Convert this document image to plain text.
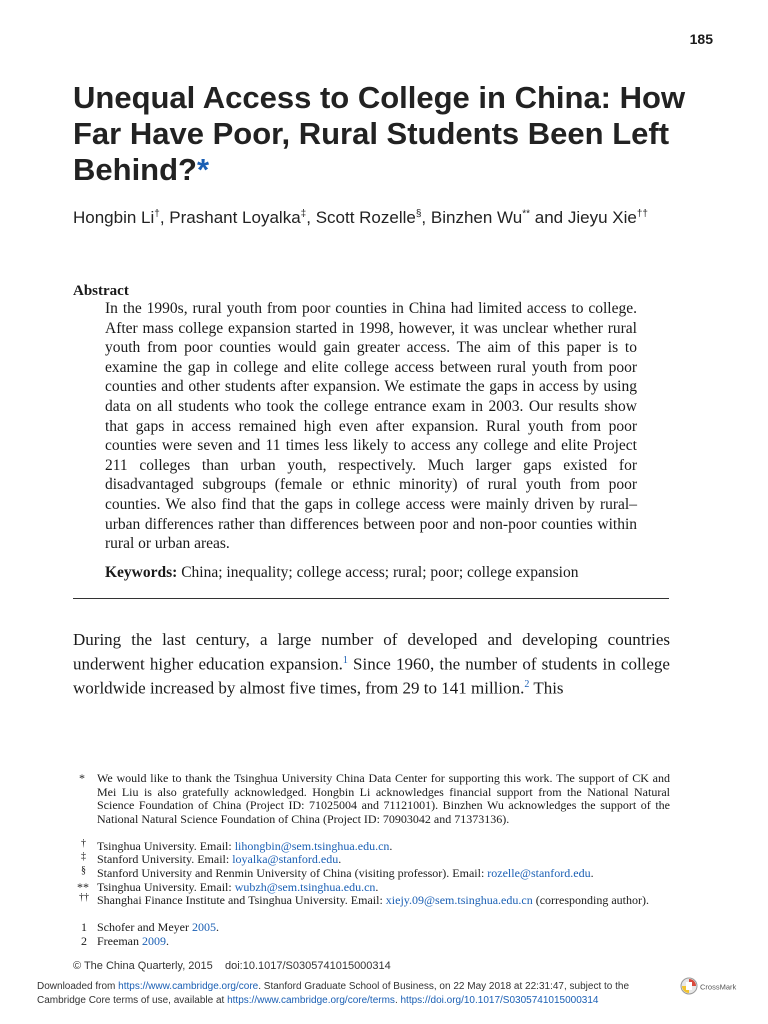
185
Unequal Access to College in China: How Far Have Poor, Rural Students Been Left Behind?*
Hongbin Li†, Prashant Loyalka‡, Scott Rozelle§, Binzhen Wu** and Jieyu Xie††
Abstract
In the 1990s, rural youth from poor counties in China had limited access to college. After mass college expansion started in 1998, however, it was unclear whether rural youth from poor counties would gain greater access. The aim of this paper is to examine the gap in college and elite college access between rural youth from poor counties and other students after expansion. We estimate the gaps in access by using data on all students who took the college entrance exam in 2003. Our results show that gaps in access remained high even after expansion. Rural youth from poor counties were seven and 11 times less likely to access any college and elite Project 211 colleges than urban youth, respectively. Much larger gaps existed for disadvantaged subgroups (female or ethnic minority) of rural youth from poor counties. We also find that the gaps in college access were mainly driven by rural–urban differences rather than differences between poor and non-poor counties within rural or urban areas.
Keywords: China; inequality; college access; rural; poor; college expansion
During the last century, a large number of developed and developing countries underwent higher education expansion.$^1$ Since 1960, the number of students in college worldwide increased by almost five times, from 29 to 141 million.$^2$ This
*	We would like to thank the Tsinghua University China Data Center for supporting this work. The support of CK and Mei Liu is also gratefully acknowledged. Hongbin Li acknowledges financial support from the National Natural Science Foundation of China (Project ID: 71025004 and 71121001). Binzhen Wu acknowledges the support of the National Natural Science Foundation of China (Project ID: 70903042 and 71373136).
† Tsinghua University. Email: lihongbin@sem.tsinghua.edu.cn.
‡ Stanford University. Email: loyalka@stanford.edu.
§ Stanford University and Renmin University of China (visiting professor). Email: rozelle@stanford.edu.
** Tsinghua University. Email: wubzh@sem.tsinghua.edu.cn.
†† Shanghai Finance Institute and Tsinghua University. Email: xiejy.09@sem.tsinghua.edu.cn (corresponding author).
1 Schofer and Meyer 2005.
2 Freeman 2009.
© The China Quarterly, 2015    doi:10.1017/S0305741015000314
Downloaded from https://www.cambridge.org/core. Stanford Graduate School of Business, on 22 May 2018 at 22:31:47, subject to the
Cambridge Core terms of use, available at https://www.cambridge.org/core/terms. https://doi.org/10.1017/S0305741015000314
CrossMark
